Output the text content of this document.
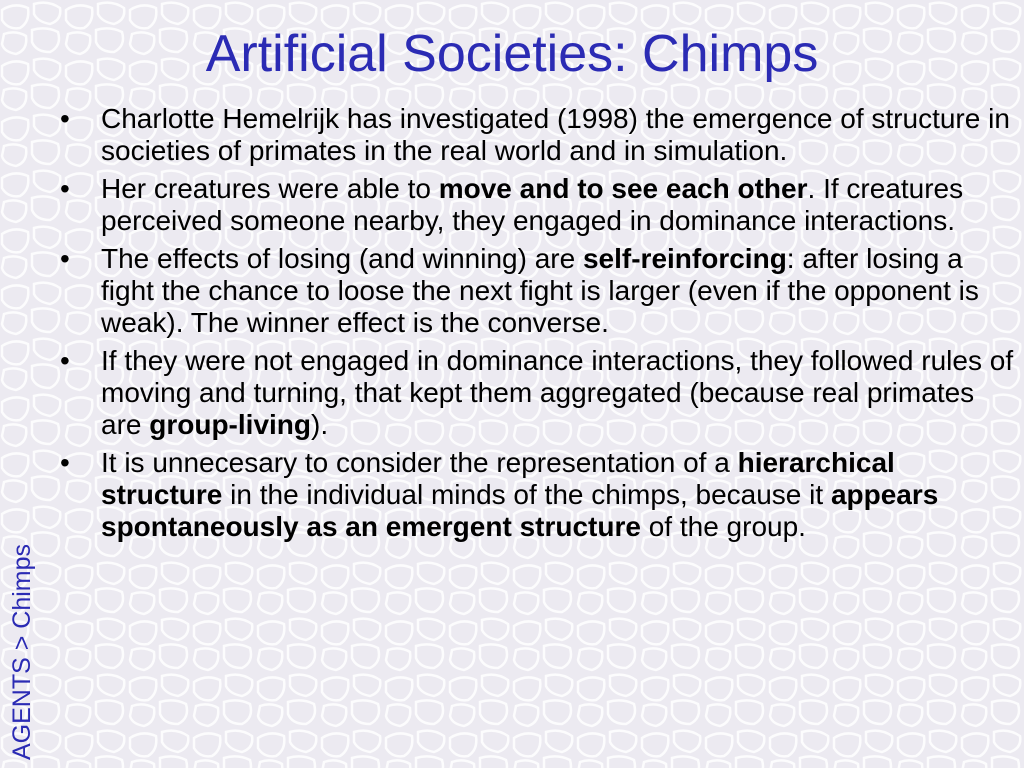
Artificial Societies: Chimps
AGENTS > Chimps
• Charlotte Hemelrijk has investigated (1998) the emergence of structure in societies of primates in the real world and in simulation.
• Her creatures were able to move and to see each other. If creatures perceived someone nearby, they engaged in dominance interactions.
• The effects of losing (and winning) are self-reinforcing: after losing a fight the chance to loose the next fight is larger (even if the opponent is weak). The winner effect is the converse.
• If they were not engaged in dominance interactions, they followed rules of moving and turning, that kept them aggregated (because real primates are group-living).
• It is unnecesary to consider the representation of a hierarchical structure in the individual minds of the chimps, because it appears spontaneously as an emergent structure of the group.
